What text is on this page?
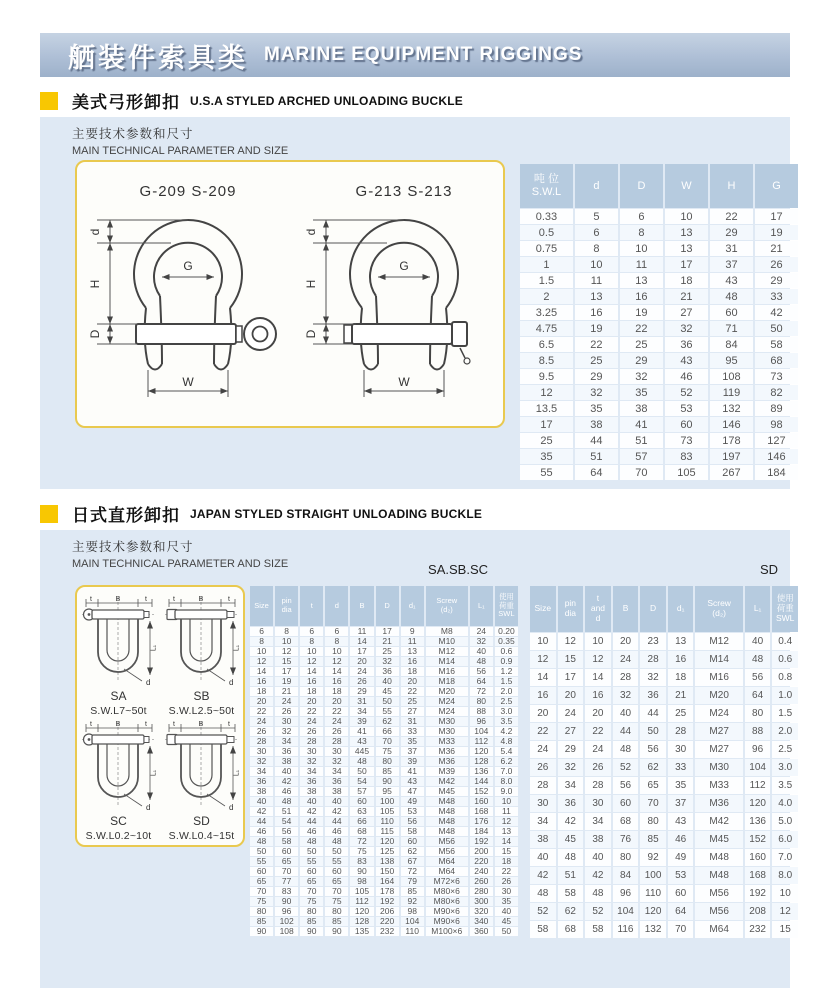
舾装件索具类 MARINE EQUIPMENT RIGGINGS
美式弓形卸扣 U.S.A STYLED ARCHED UNLOADING BUCKLE
主要技术参数和尺寸
MAIN TECHNICAL PARAMETER AND SIZE
G-209 S-209
d
H
D
G
W
G-213 S-213
d
H
D
G
W
吨 位
S.W.L	d	D	W	H	G
0.33	5	6	10	22	17
0.5	6	8	13	29	19
0.75	8	10	13	31	21
1	10	11	17	37	26
1.5	11	13	18	43	29
2	13	16	21	48	33
3.25	16	19	27	60	42
4.75	19	22	32	71	50
6.5	22	25	36	84	58
8.5	25	29	43	95	68
9.5	29	32	46	108	73
12	32	35	52	119	82
13.5	35	38	53	132	89
17	38	41	60	146	98
25	44	51	73	178	127
35	51	57	83	197	146
55	64	70	105	267	184
日式直形卸扣 JAPAN STYLED STRAIGHT UNLOADING BUCKLE
主要技术参数和尺寸
MAIN TECHNICAL PARAMETER AND SIZE	SA.SB.SC	SD
t	B	t
L₁
d
SA
S.W.L7~50t
t	B	t
L₁
d
SB
S.W.L2.5~50t
t	B	t
L₁
d
SC
S.W.L0.2~10t
t	B	t
L₁
d
SD
S.W.L0.4~15t
Size	pin
dia	t	d	B	D	d₁	Screw
(d₂)	L₁	使用
荷重
SWL
6	8	6	6	11	17	9	M8	24	0.20
8	10	8	8	14	21	11	M10	32	0.35
10	12	10	10	17	25	13	M12	40	0.6
12	15	12	12	20	32	16	M14	48	0.9
14	17	14	14	24	36	18	M16	56	1.2
16	19	16	16	26	40	20	M18	64	1.5
18	21	18	18	29	45	22	M20	72	2.0
20	24	20	20	31	50	25	M24	80	2.5
22	26	22	22	34	55	27	M24	88	3.0
24	30	24	24	39	62	31	M30	96	3.5
26	32	26	26	41	66	33	M30	104	4.2
28	34	28	28	43	70	35	M33	112	4.8
30	36	30	30	445	75	37	M36	120	5.4
32	38	32	32	48	80	39	M36	128	6.2
34	40	34	34	50	85	41	M39	136	7.0
36	42	36	36	54	90	43	M42	144	8.0
38	46	38	38	57	95	47	M45	152	9.0
40	48	40	40	60	100	49	M48	160	10
42	51	42	42	63	105	53	M48	168	11
44	54	44	44	66	110	56	M48	176	12
46	56	46	46	68	115	58	M48	184	13
48	58	48	48	72	120	60	M56	192	14
50	60	50	50	75	125	62	M56	200	15
55	65	55	55	83	138	67	M64	220	18
60	70	60	60	90	150	72	M64	240	22
65	77	65	65	98	164	79	M72×6	260	26
70	83	70	70	105	178	85	M80×6	280	30
75	90	75	75	112	192	92	M80×6	300	35
80	96	80	80	120	206	98	M90×6	320	40
85	102	85	85	128	220	104	M90×6	340	45
90	108	90	90	135	232	110	M100×6	360	50
Size	pin
dia	t
and
d	B	D	d₁	Screw
(d₂)	L₁	使用
荷重
SWL
10	12	10	20	23	13	M12	40	0.4
12	15	12	24	28	16	M14	48	0.6
14	17	14	28	32	18	M16	56	0.8
16	20	16	32	36	21	M20	64	1.0
20	24	20	40	44	25	M24	80	1.5
22	27	22	44	50	28	M27	88	2.0
24	29	24	48	56	30	M27	96	2.5
26	32	26	52	62	33	M30	104	3.0
28	34	28	56	65	35	M33	112	3.5
30	36	30	60	70	37	M36	120	4.0
34	42	34	68	80	43	M42	136	5.0
38	45	38	76	85	46	M45	152	6.0
40	48	40	80	92	49	M48	160	7.0
42	51	42	84	100	53	M48	168	8.0
48	58	48	96	110	60	M56	192	10
52	62	52	104	120	64	M56	208	12
58	68	58	116	132	70	M64	232	15
